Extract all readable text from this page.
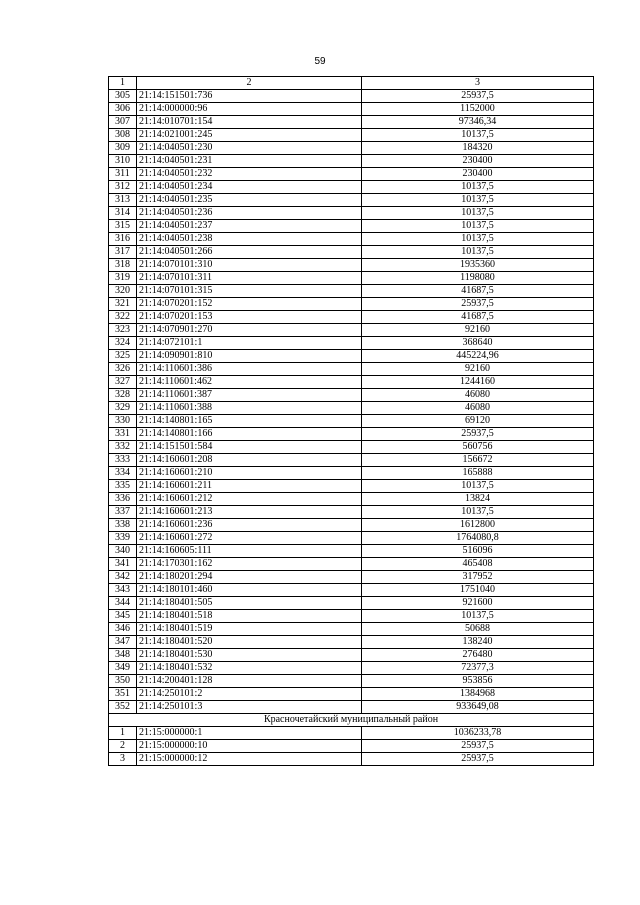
59
1	2	3
305	21:14:151501:736	25937,5
306	21:14:000000:96	1152000
307	21:14:010701:154	97346,34
308	21:14:021001:245	10137,5
309	21:14:040501:230	184320
310	21:14:040501:231	230400
311	21:14:040501:232	230400
312	21:14:040501:234	10137,5
313	21:14:040501:235	10137,5
314	21:14:040501:236	10137,5
315	21:14:040501:237	10137,5
316	21:14:040501:238	10137,5
317	21:14:040501:266	10137,5
318	21:14:070101:310	1935360
319	21:14:070101:311	1198080
320	21:14:070101:315	41687,5
321	21:14:070201:152	25937,5
322	21:14:070201:153	41687,5
323	21:14:070901:270	92160
324	21:14:072101:1	368640
325	21:14:090901:810	445224,96
326	21:14:110601:386	92160
327	21:14:110601:462	1244160
328	21:14:110601:387	46080
329	21:14:110601:388	46080
330	21:14:140801:165	69120
331	21:14:140801:166	25937,5
332	21:14:151501:584	560756
333	21:14:160601:208	156672
334	21:14:160601:210	165888
335	21:14:160601:211	10137,5
336	21:14:160601:212	13824
337	21:14:160601:213	10137,5
338	21:14:160601:236	1612800
339	21:14:160601:272	1764080,8
340	21:14:160605:111	516096
341	21:14:170301:162	465408
342	21:14:180201:294	317952
343	21:14:180101:460	1751040
344	21:14:180401:505	921600
345	21:14:180401:518	10137,5
346	21:14:180401:519	50688
347	21:14:180401:520	138240
348	21:14:180401:530	276480
349	21:14:180401:532	72377,3
350	21:14:200401:128	953856
351	21:14:250101:2	1384968
352	21:14:250101:3	933649,08
Красночетайский муниципальный район		
1	21:15:000000:1	1036233,78
2	21:15:000000:10	25937,5
3	21:15:000000:12	25937,5
